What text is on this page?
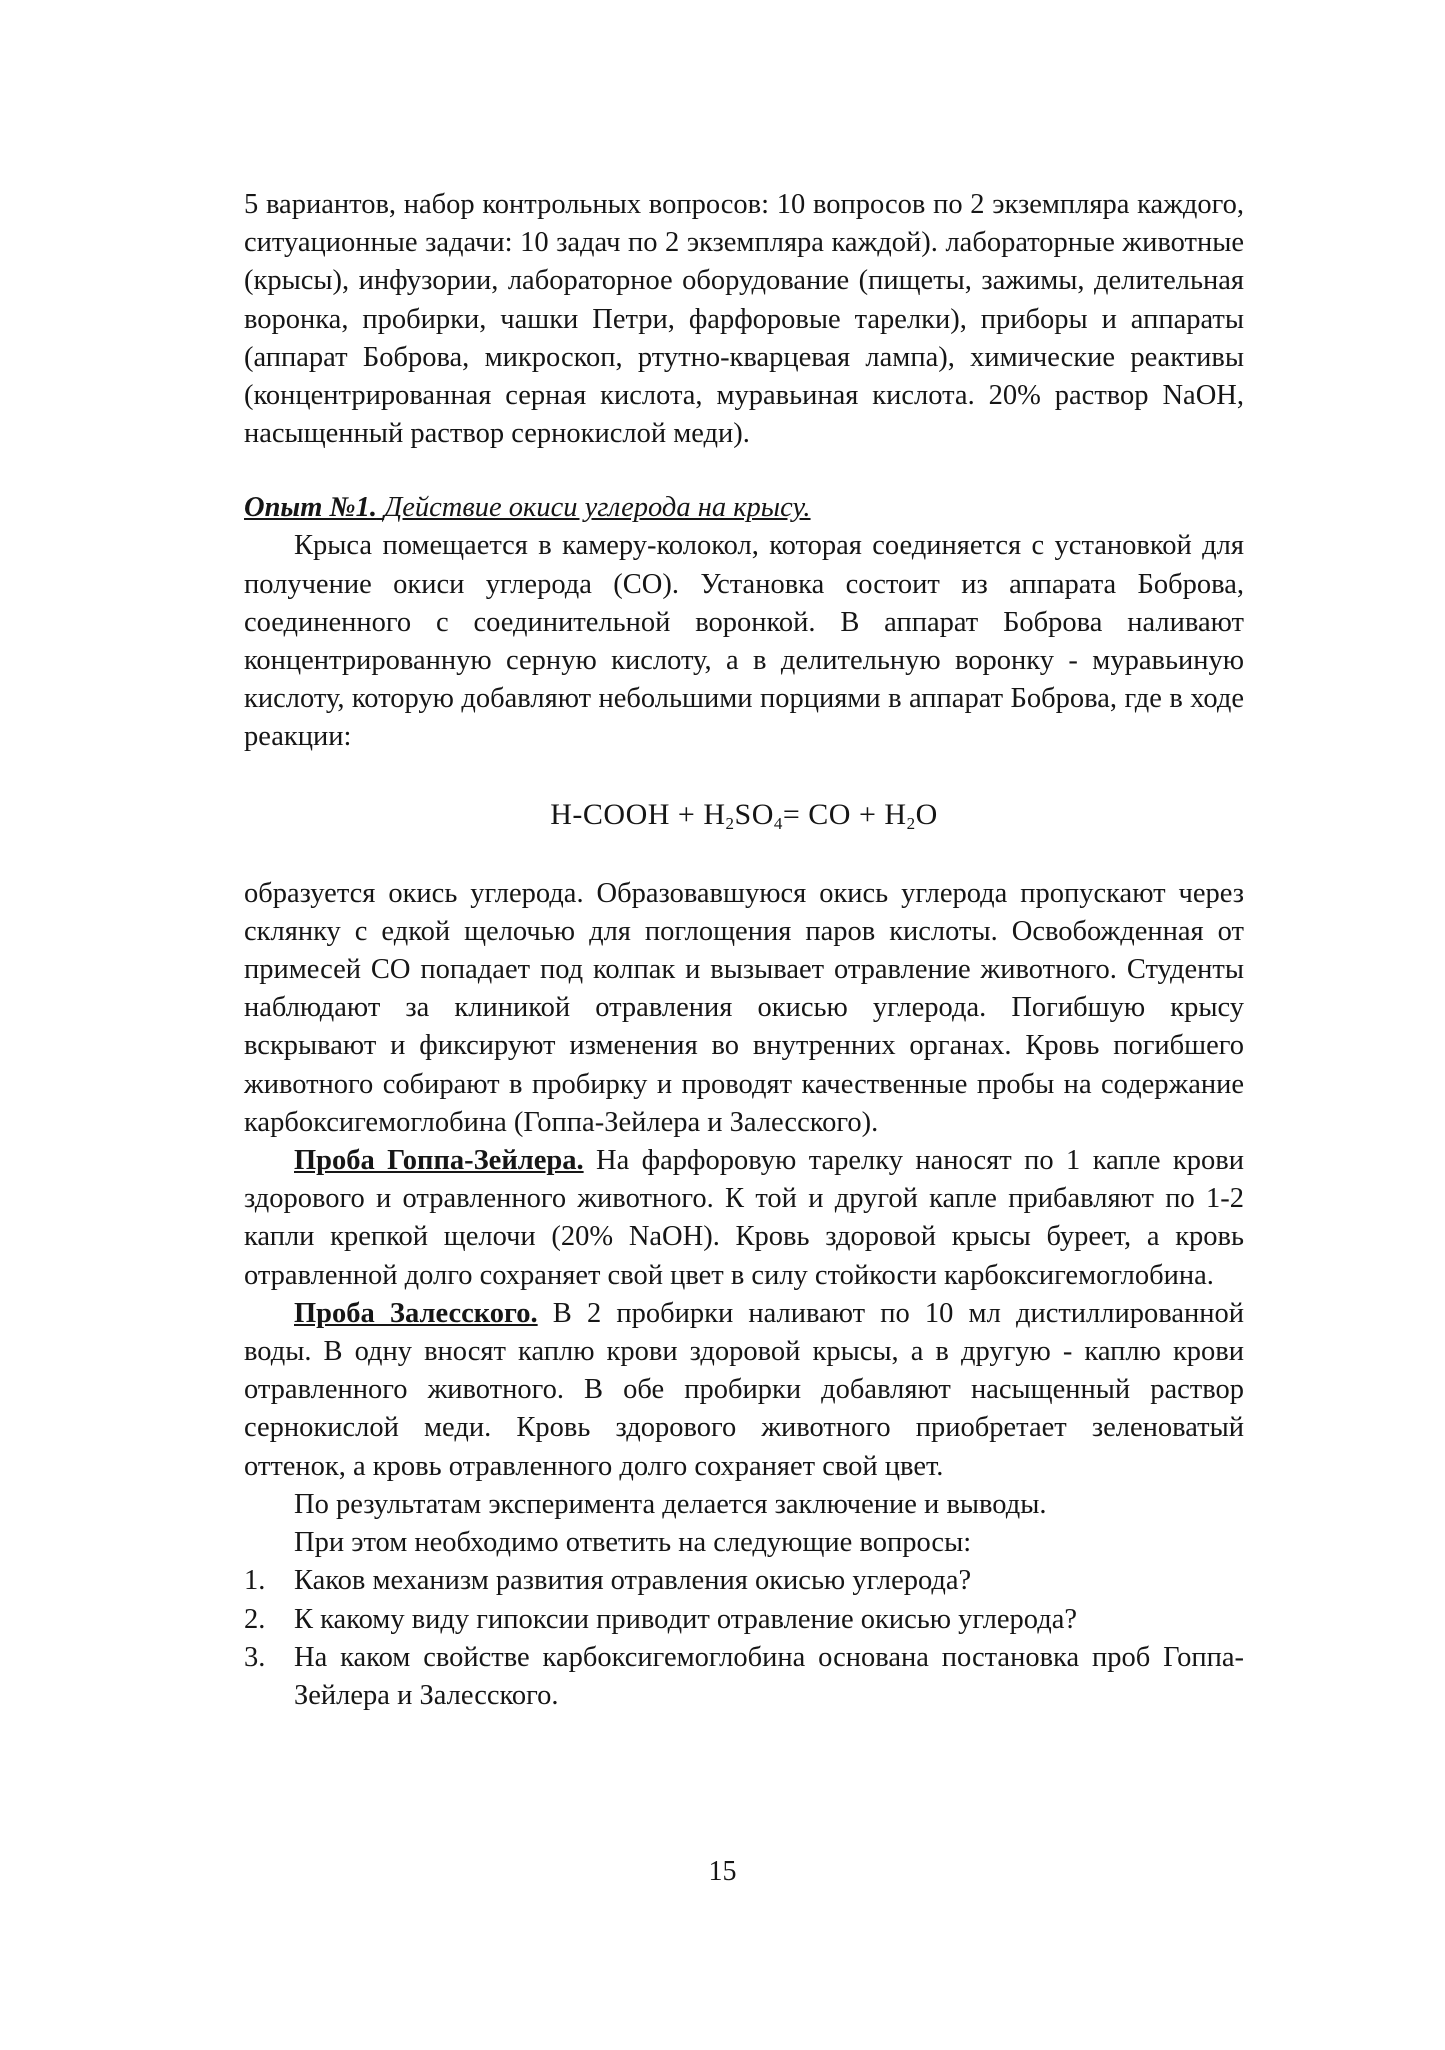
5 вариантов, набор контрольных вопросов: 10 вопросов по 2 экземпляра каждого, ситуационные задачи: 10 задач по 2 экземпляра каждой). лабораторные животные (крысы), инфузории, лабораторное оборудование (пищеты, зажимы, делительная воронка, пробирки, чашки Петри, фарфоровые тарелки), приборы и аппараты (аппарат Боброва, микроскоп, ртутно-кварцевая лампа), химические реактивы (концентрированная серная кислота, муравьиная кислота. 20% раствор NaOH, насыщенный раствор сернокислой меди).

Опыт №1. Действие окиси углерода на крысу.

Крыса помещается в камеру-колокол, которая соединяется с установкой для получение окиси углерода (СО). Установка состоит из аппарата Боброва, соединенного с соединительной воронкой. В аппарат Боброва наливают концентрированную серную кислоту, а в делительную воронку - муравьиную кислоту, которую добавляют небольшими порциями в аппарат Боброва, где в ходе реакции:

H-COOH + $H_2SO_4=$ CO + $H_2O$

образуется окись углерода. Образовавшуюся окись углерода пропускают через склянку с едкой щелочью для поглощения паров кислоты. Освобожденная от примесей СО попадает под колпак и вызывает отравление животного. Студенты наблюдают за клиникой отравления окисью углерода. Погибшую крысу вскрывают и фиксируют изменения во внутренних органах. Кровь погибшего животного собирают в пробирку и проводят качественные пробы на содержание карбоксигемоглобина (Гоппа-Зейлера и Залесского).

Проба Гоппа-Зейлера. На фарфоровую тарелку наносят по 1 капле крови здорового и отравленного животного. К той и другой капле прибавляют по 1-2 капли крепкой щелочи (20% NaOH). Кровь здоровой крысы буреет, а кровь отравленной долго сохраняет свой цвет в силу стойкости карбоксигемоглобина.

Проба Залесского. В 2 пробирки наливают по 10 мл дистиллированной воды. В одну вносят каплю крови здоровой крысы, а в другую - каплю крови отравленного животного. В обе пробирки добавляют насыщенный раствор сернокислой меди. Кровь здорового животного приобретает зеленоватый оттенок, а кровь отравленного долго сохраняет свой цвет.

По результатам эксперимента делается заключение и выводы.

При этом необходимо ответить на следующие вопросы:

1. Каков механизм развития отравления окисью углерода?
2. К какому виду гипоксии приводит отравление окисью углерода?
3. На каком свойстве карбоксигемоглобина основана постановка проб Гоппа-Зейлера и Залесского.
15
